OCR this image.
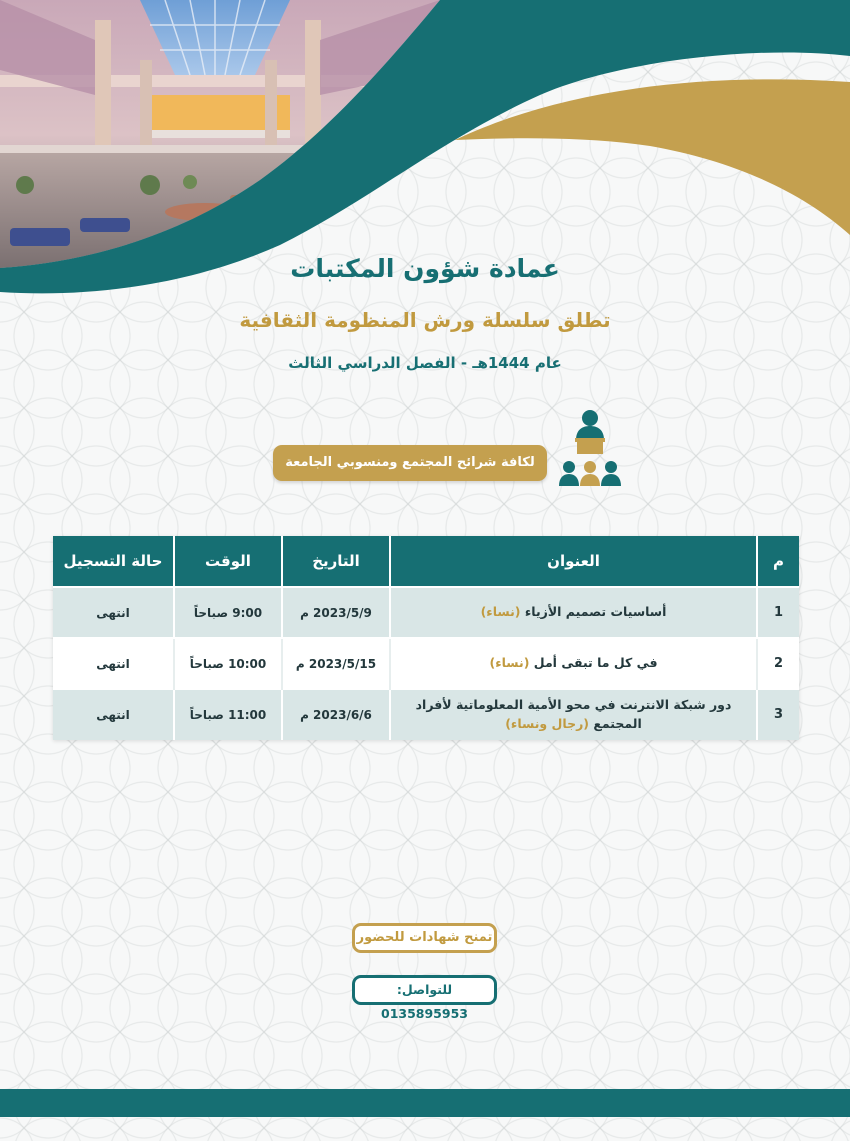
عمادة شؤون المكتبات
تطلق سلسلة ورش المنظومة الثقافية
عام 1444هـ - الفصل الدراسي الثالث
لكافة شرائح المجتمع ومنسوبي الجامعة
م	العنوان	التاريخ	الوقت	حالة التسجيل
1	أساسيات تصميم الأزياء (نساء)	2023/5/9 م	9:00 صباحاً	انتهى
2	في كل ما تبقى أمل (نساء)	2023/5/15 م	10:00 صباحاً	انتهى
3	دور شبكة الانترنت في محو الأمية المعلوماتية لأفراد المجتمع (رجال ونساء)	2023/6/6 م	11:00 صباحاً	انتهى
تمنح شهادات للحضور
للتواصل: 0135895953
